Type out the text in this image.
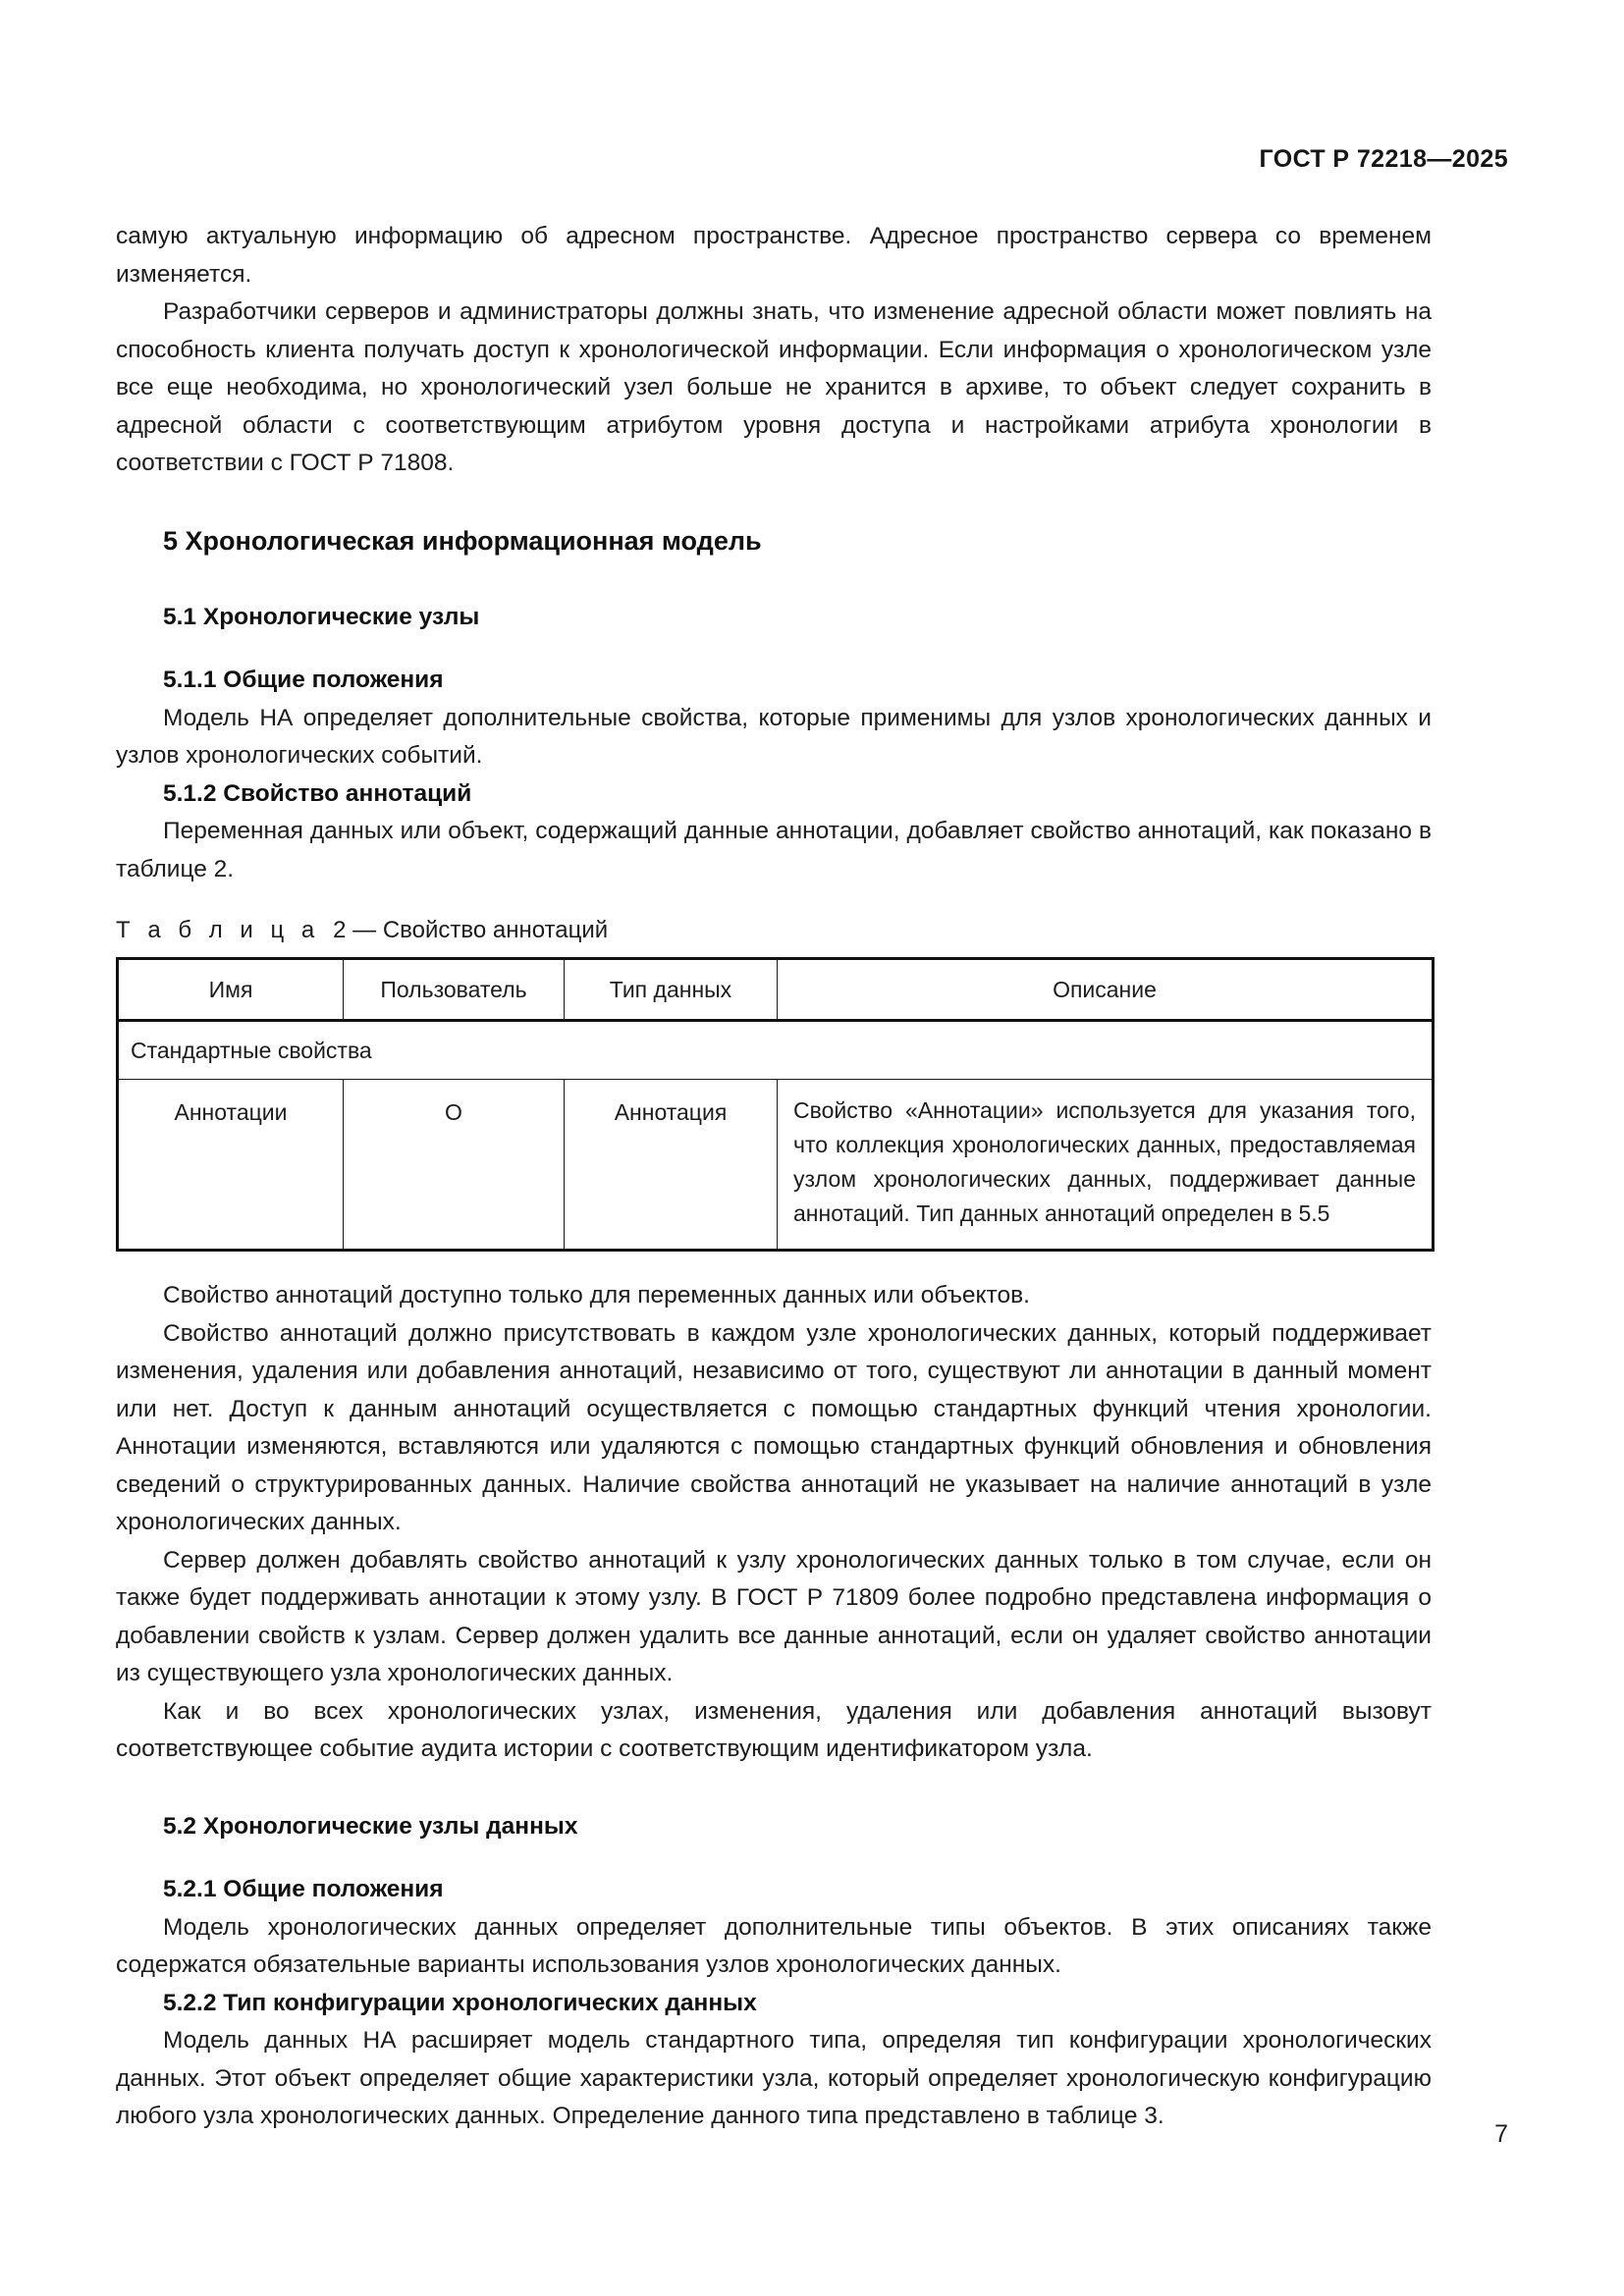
ГОСТ Р 72218—2025

самую актуальную информацию об адресном пространстве. Адресное пространство сервера со временем изменяется.

Разработчики серверов и администраторы должны знать, что изменение адресной области может повлиять на способность клиента получать доступ к хронологической информации. Если информация о хронологическом узле все еще необходима, но хронологический узел больше не хранится в архиве, то объект следует сохранить в адресной области с соответствующим атрибутом уровня доступа и настройками атрибута хронологии в соответствии с ГОСТ Р 71808.

5 Хронологическая информационная модель
5.1 Хронологические узлы
5.1.1 Общие положения

Модель НА определяет дополнительные свойства, которые применимы для узлов хронологических данных и узлов хронологических событий.

5.1.2 Свойство аннотаций

Переменная данных или объект, содержащий данные аннотации, добавляет свойство аннотаций, как показано в таблице 2.

Т а б л и ц а 2 — Свойство аннотаций

Имя	Пользователь	Тип данных	Описание
Стандартные свойства			
Аннотации	О	Аннотация	Свойство «Аннотации» используется для указания того, что коллекция хронологических данных, предоставляемая узлом хронологических данных, поддерживает данные аннотаций. Тип данных аннотаций определен в 5.5

Свойство аннотаций доступно только для переменных данных или объектов.

Свойство аннотаций должно присутствовать в каждом узле хронологических данных, который поддерживает изменения, удаления или добавления аннотаций, независимо от того, существуют ли аннотации в данный момент или нет. Доступ к данным аннотаций осуществляется с помощью стандартных функций чтения хронологии. Аннотации изменяются, вставляются или удаляются с помощью стандартных функций обновления и обновления сведений о структурированных данных. Наличие свойства аннотаций не указывает на наличие аннотаций в узле хронологических данных.

Сервер должен добавлять свойство аннотаций к узлу хронологических данных только в том случае, если он также будет поддерживать аннотации к этому узлу. В ГОСТ Р 71809 более подробно представлена информация о добавлении свойств к узлам. Сервер должен удалить все данные аннотаций, если он удаляет свойство аннотации из существующего узла хронологических данных.

Как и во всех хронологических узлах, изменения, удаления или добавления аннотаций вызовут соответствующее событие аудита истории с соответствующим идентификатором узла.

5.2 Хронологические узлы данных
5.2.1 Общие положения

Модель хронологических данных определяет дополнительные типы объектов. В этих описаниях также содержатся обязательные варианты использования узлов хронологических данных.

5.2.2 Тип конфигурации хронологических данных

Модель данных НА расширяет модель стандартного типа, определяя тип конфигурации хронологических данных. Этот объект определяет общие характеристики узла, который определяет хронологическую конфигурацию любого узла хронологических данных. Определение данного типа представлено в таблице 3.

7
